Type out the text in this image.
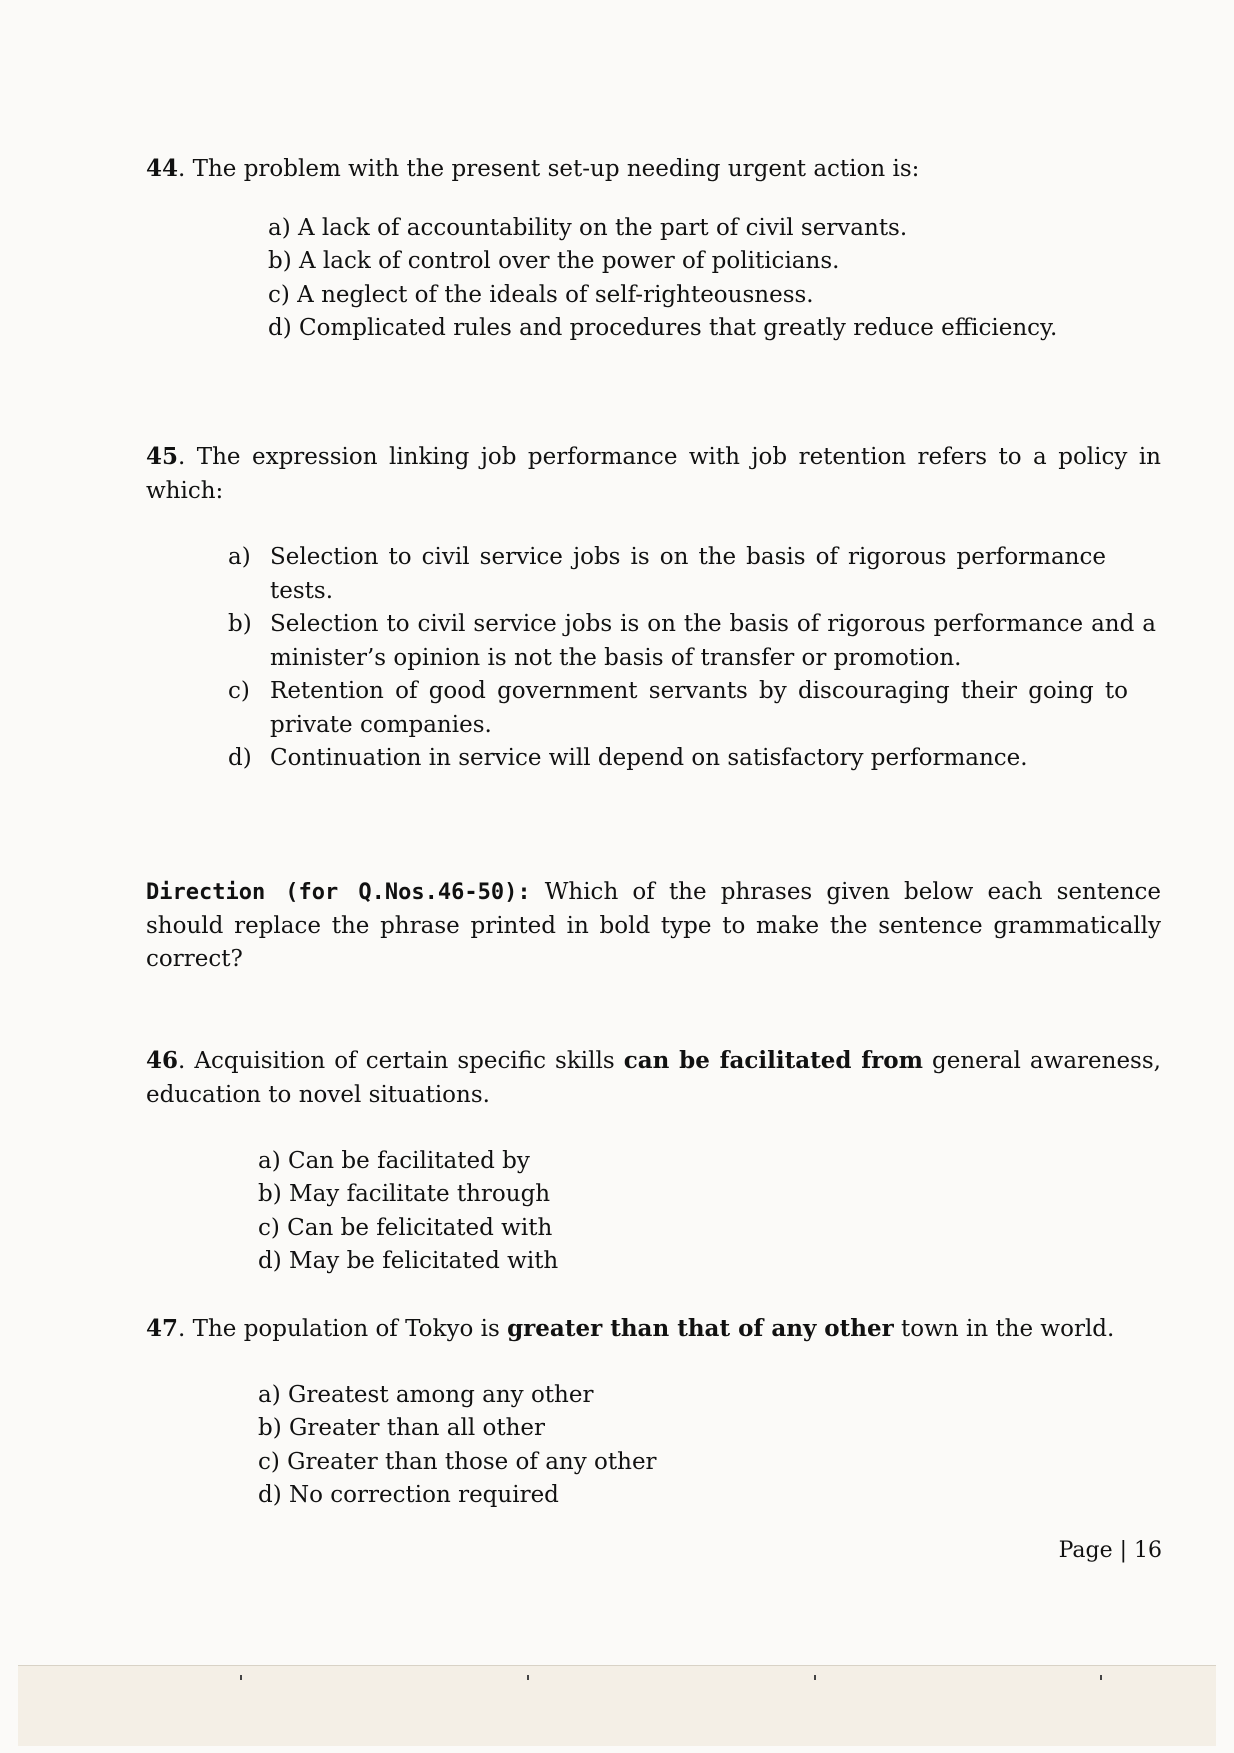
44. The problem with the present set-up needing urgent action is:
a) A lack of accountability on the part of civil servants.
b) A lack of control over the power of politicians.
c) A neglect of the ideals of self-righteousness.
d) Complicated rules and procedures that greatly reduce efficiency.
45. The expression linking job performance with job retention refers to a policy in
which:
a) Selection to civil service jobs is on the basis of rigorous performance tests.
b) Selection to civil service jobs is on the basis of rigorous performance and a minister’s opinion is not the basis of transfer or promotion.
c) Retention of good government servants by discouraging their going to private companies.
d) Continuation in service will depend on satisfactory performance.
Direction (for Q.Nos.46-50): Which of the phrases given below each sentence should replace the phrase printed in bold type to make the sentence grammatically correct?
46. Acquisition of certain specific skills can be facilitated from general awareness, education to novel situations.
a) Can be facilitated by
b) May facilitate through
c) Can be felicitated with
d) May be felicitated with
47. The population of Tokyo is greater than that of any other town in the world.
a) Greatest among any other
b) Greater than all other
c) Greater than those of any other
d) No correction required
Page | 16
